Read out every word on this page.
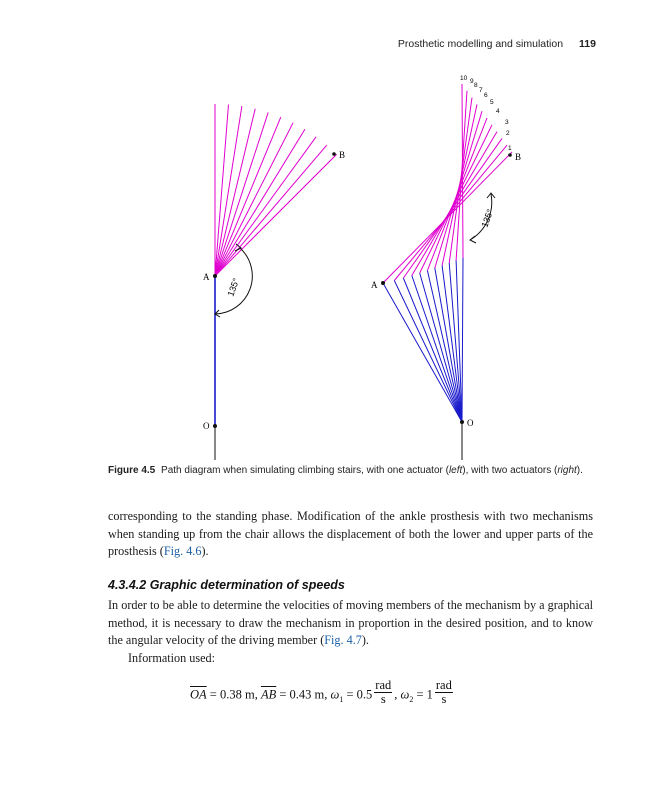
Prosthetic modelling and simulation 119
A
B
O
135°
1
2
3
4
5
6
7
8
9
10
A
B
O
135°
Figure 4.5 Path diagram when simulating climbing stairs, with one actuator (left), with two actuators (right).
corresponding to the standing phase. Modification of the ankle prosthesis with two mechanisms when standing up from the chair allows the displacement of both the lower and upper parts of the prosthesis (Fig. 4.6).
4.3.4.2 Graphic determination of speeds
In order to be able to determine the velocities of moving members of the mechanism by a graphical method, it is necessary to draw the mechanism in proportion in the desired position, and to know the angular velocity of the driving member (Fig. 4.7).
Information used:
$\overline{OA} = 0.38$ m, $\overline{AB} = 0.43$ m, $\omega_1 = 0.5 \frac{\text{rad}}{s}$ , $\omega_2 = 1 \frac{\text{rad}}{s}$
